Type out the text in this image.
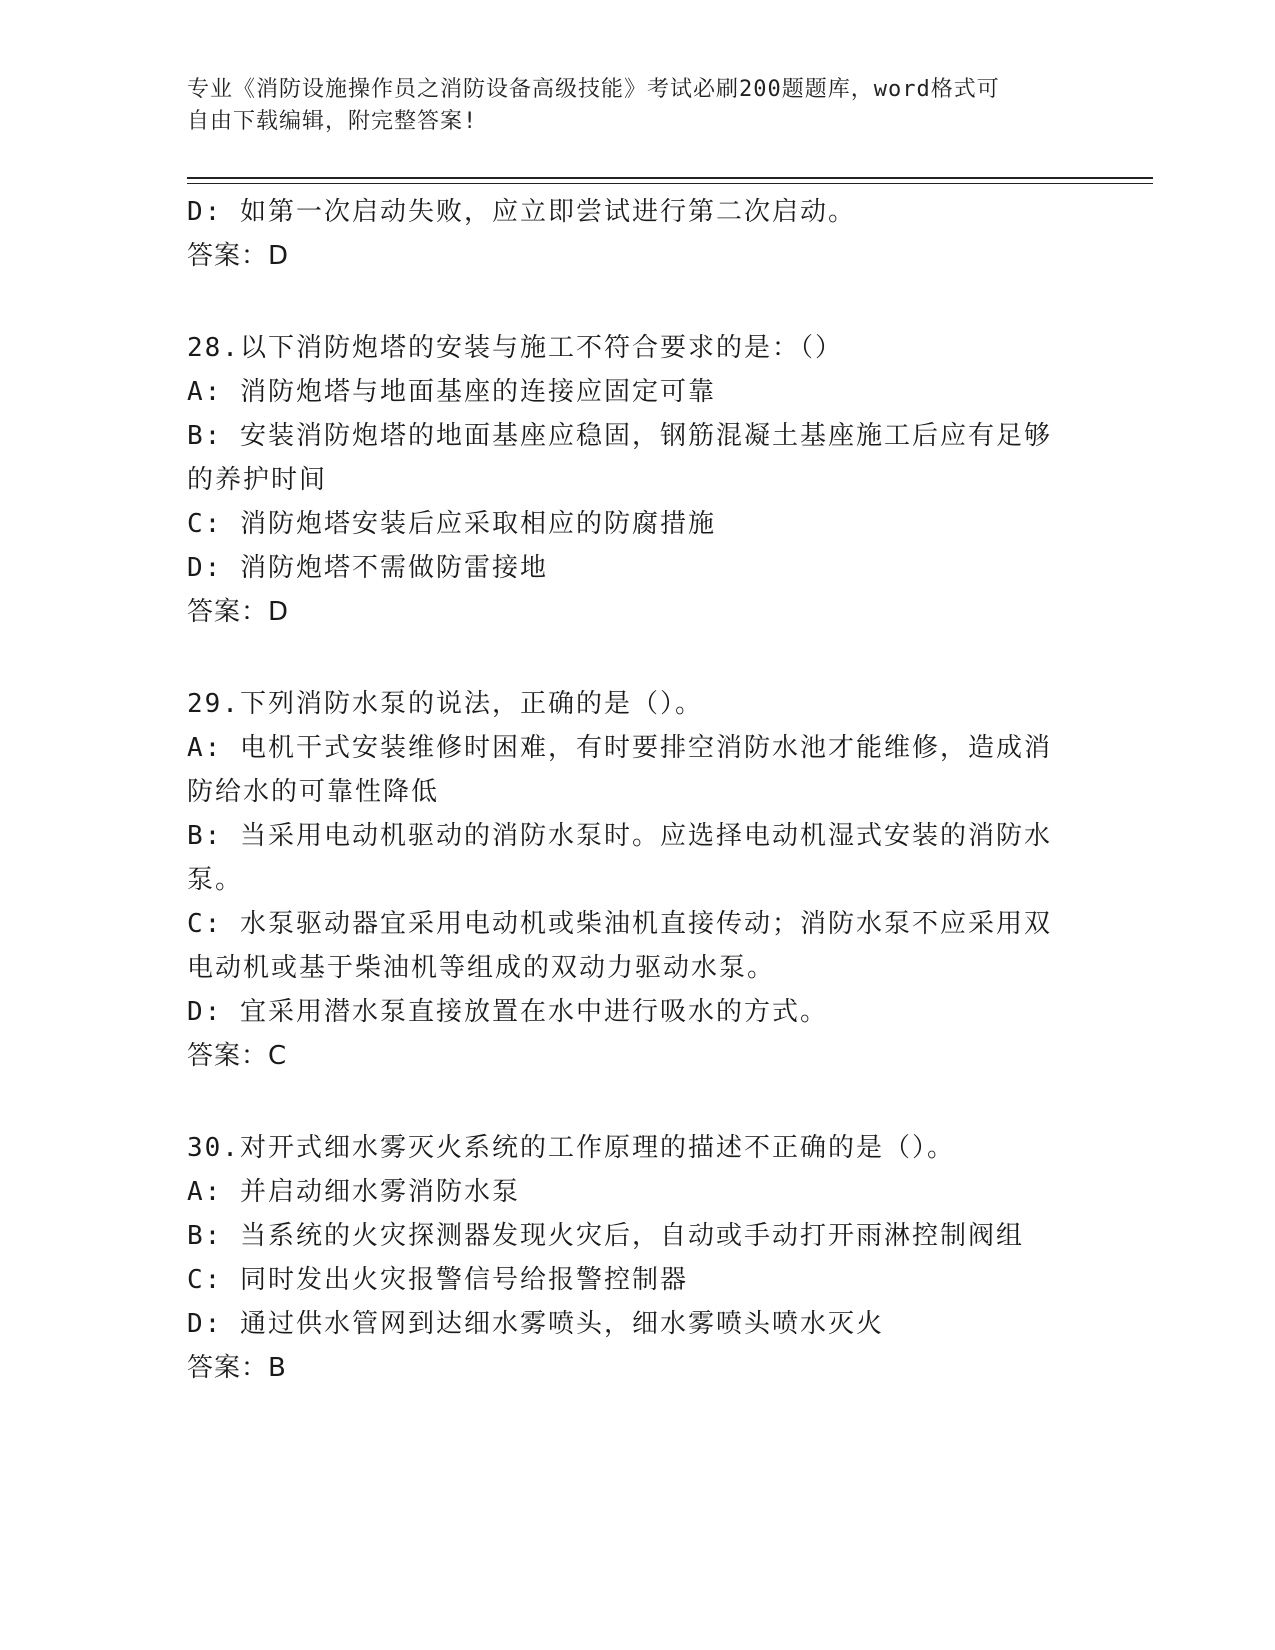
专业《消防设施操作员之消防设备高级技能》考试必刷200题题库，word格式可
自由下载编辑，附完整答案!

D: 如第一次启动失败，应立即尝试进行第二次启动。

答案：D

28.以下消防炮塔的安装与施工不符合要求的是：（）

A: 消防炮塔与地面基座的连接应固定可靠

B: 安装消防炮塔的地面基座应稳固，钢筋混凝土基座施工后应有足够

的养护时间

C: 消防炮塔安装后应采取相应的防腐措施

D: 消防炮塔不需做防雷接地

答案：D

29.下列消防水泵的说法，正确的是（）。

A: 电机干式安装维修时困难，有时要排空消防水池才能维修，造成消

防给水的可靠性降低

B: 当采用电动机驱动的消防水泵时。应选择电动机湿式安装的消防水

泵。

C: 水泵驱动器宜采用电动机或柴油机直接传动；消防水泵不应采用双

电动机或基于柴油机等组成的双动力驱动水泵。

D: 宜采用潜水泵直接放置在水中进行吸水的方式。

答案：C

30.对开式细水雾灭火系统的工作原理的描述不正确的是（）。

A: 并启动细水雾消防水泵

B: 当系统的火灾探测器发现火灾后，自动或手动打开雨淋控制阀组

C: 同时发出火灾报警信号给报警控制器

D: 通过供水管网到达细水雾喷头，细水雾喷头喷水灭火

答案：B
